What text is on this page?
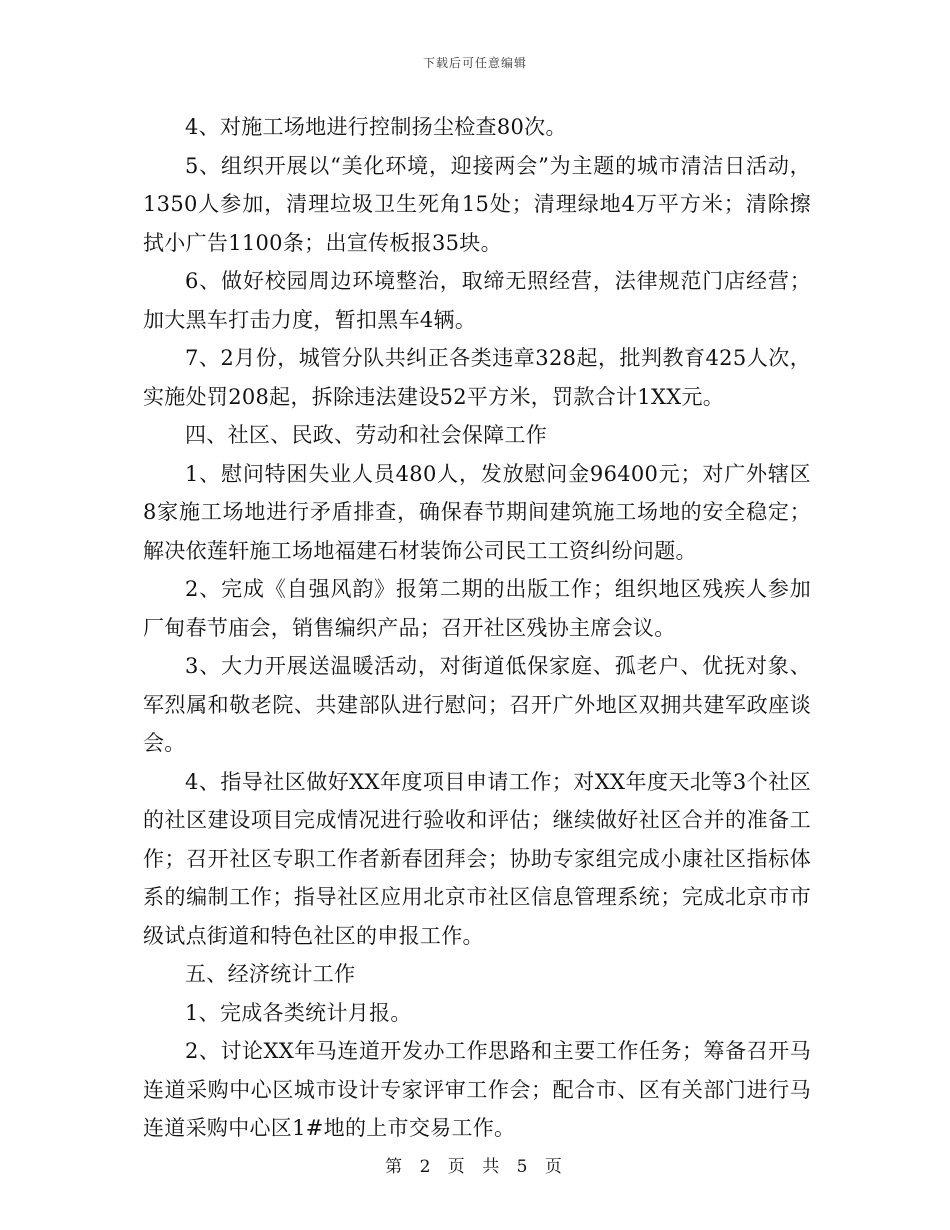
下载后可任意编辑

4、对施工场地进行控制扬尘检查80次。

5、组织开展以“美化环境，迎接两会”为主题的城市清洁日活动，1350人参加，清理垃圾卫生死角15处；清理绿地4万平方米；清除擦拭小广告1100条；出宣传板报35块。

6、做好校园周边环境整治，取缔无照经营，法律规范门店经营；加大黑车打击力度，暂扣黑车4辆。

7、2月份，城管分队共纠正各类违章328起，批判教育425人次，实施处罚208起，拆除违法建设52平方米，罚款合计1XX元。

四、社区、民政、劳动和社会保障工作

1、慰问特困失业人员480人，发放慰问金96400元；对广外辖区8家施工场地进行矛盾排查，确保春节期间建筑施工场地的安全稳定；解决依莲轩施工场地福建石材装饰公司民工工资纠纷问题。

2、完成《自强风韵》报第二期的出版工作；组织地区残疾人参加厂甸春节庙会，销售编织产品；召开社区残协主席会议。

3、大力开展送温暖活动，对街道低保家庭、孤老户、优抚对象、军烈属和敬老院、共建部队进行慰问；召开广外地区双拥共建军政座谈会。

4、指导社区做好XX年度项目申请工作；对XX年度天北等3个社区的社区建设项目完成情况进行验收和评估；继续做好社区合并的准备工作；召开社区专职工作者新春团拜会；协助专家组完成小康社区指标体系的编制工作；指导社区应用北京市社区信息管理系统；完成北京市市级试点街道和特色社区的申报工作。

五、经济统计工作

1、完成各类统计月报。

2、讨论XX年马连道开发办工作思路和主要工作任务；筹备召开马连道采购中心区城市设计专家评审工作会；配合市、区有关部门进行马连道采购中心区1#地的上市交易工作。

第 2 页 共 5 页
